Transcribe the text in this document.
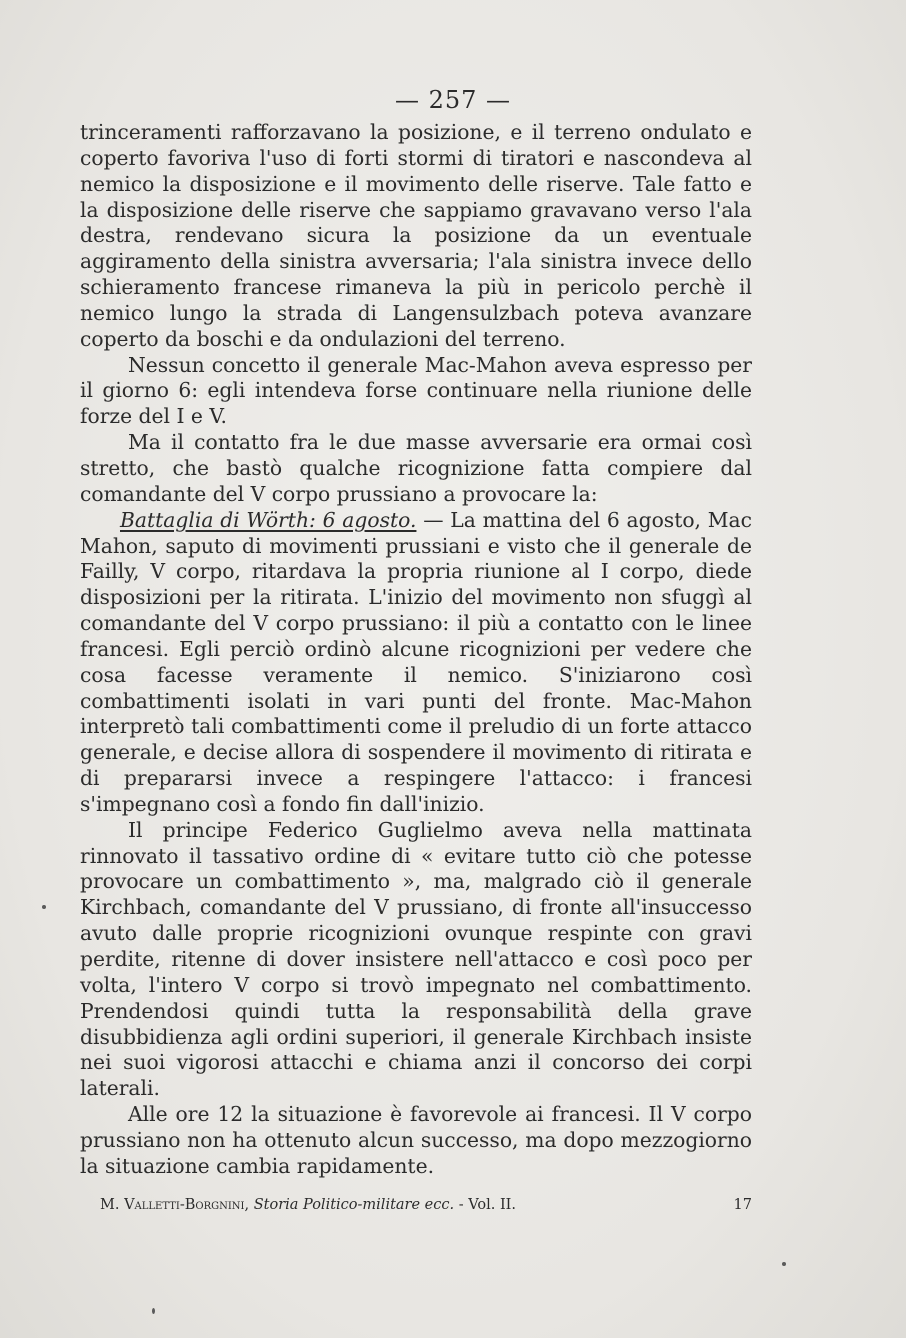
— 257 —

trinceramenti rafforzavano la posizione, e il terreno ondulato e coperto favoriva l'uso di forti stormi di tiratori e nascondeva al nemico la disposizione e il movimento delle riserve. Tale fatto e la disposizione delle riserve che sappiamo gravavano verso l'ala destra, rendevano sicura la posizione da un eventuale aggiramento della sinistra avversaria; l'ala sinistra invece dello schieramento francese rimaneva la più in pericolo perchè il nemico lungo la strada di Langensulzbach poteva avanzare coperto da boschi e da ondulazioni del terreno.

Nessun concetto il generale Mac-Mahon aveva espresso per il giorno 6: egli intendeva forse continuare nella riunione delle forze del I e V.

Ma il contatto fra le due masse avversarie era ormai così stretto, che bastò qualche ricognizione fatta compiere dal comandante del V corpo prussiano a provocare la:

Battaglia di Wörth: 6 agosto. — La mattina del 6 agosto, Mac Mahon, saputo di movimenti prussiani e visto che il generale de Failly, V corpo, ritardava la propria riunione al I corpo, diede disposizioni per la ritirata. L'inizio del movimento non sfuggì al comandante del V corpo prussiano: il più a contatto con le linee francesi. Egli perciò ordinò alcune ricognizioni per vedere che cosa facesse veramente il nemico. S'iniziarono così combattimenti isolati in vari punti del fronte. Mac-Mahon interpretò tali combattimenti come il preludio di un forte attacco generale, e decise allora di sospendere il movimento di ritirata e di prepararsi invece a respingere l'attacco: i francesi s'impegnano così a fondo fin dall'inizio.

Il principe Federico Guglielmo aveva nella mattinata rinnovato il tassativo ordine di « evitare tutto ciò che potesse provocare un combattimento », ma, malgrado ciò il generale Kirchbach, comandante del V prussiano, di fronte all'insuccesso avuto dalle proprie ricognizioni ovunque respinte con gravi perdite, ritenne di dover insistere nell'attacco e così poco per volta, l'intero V corpo si trovò impegnato nel combattimento. Prendendosi quindi tutta la responsabilità della grave disubbidienza agli ordini superiori, il generale Kirchbach insiste nei suoi vigorosi attacchi e chiama anzi il concorso dei corpi laterali.

Alle ore 12 la situazione è favorevole ai francesi. Il V corpo prussiano non ha ottenuto alcun successo, ma dopo mezzogiorno la situazione cambia rapidamente.

M. Valletti-Borgnini, Storia Politico-militare ecc. - Vol. II.	17
